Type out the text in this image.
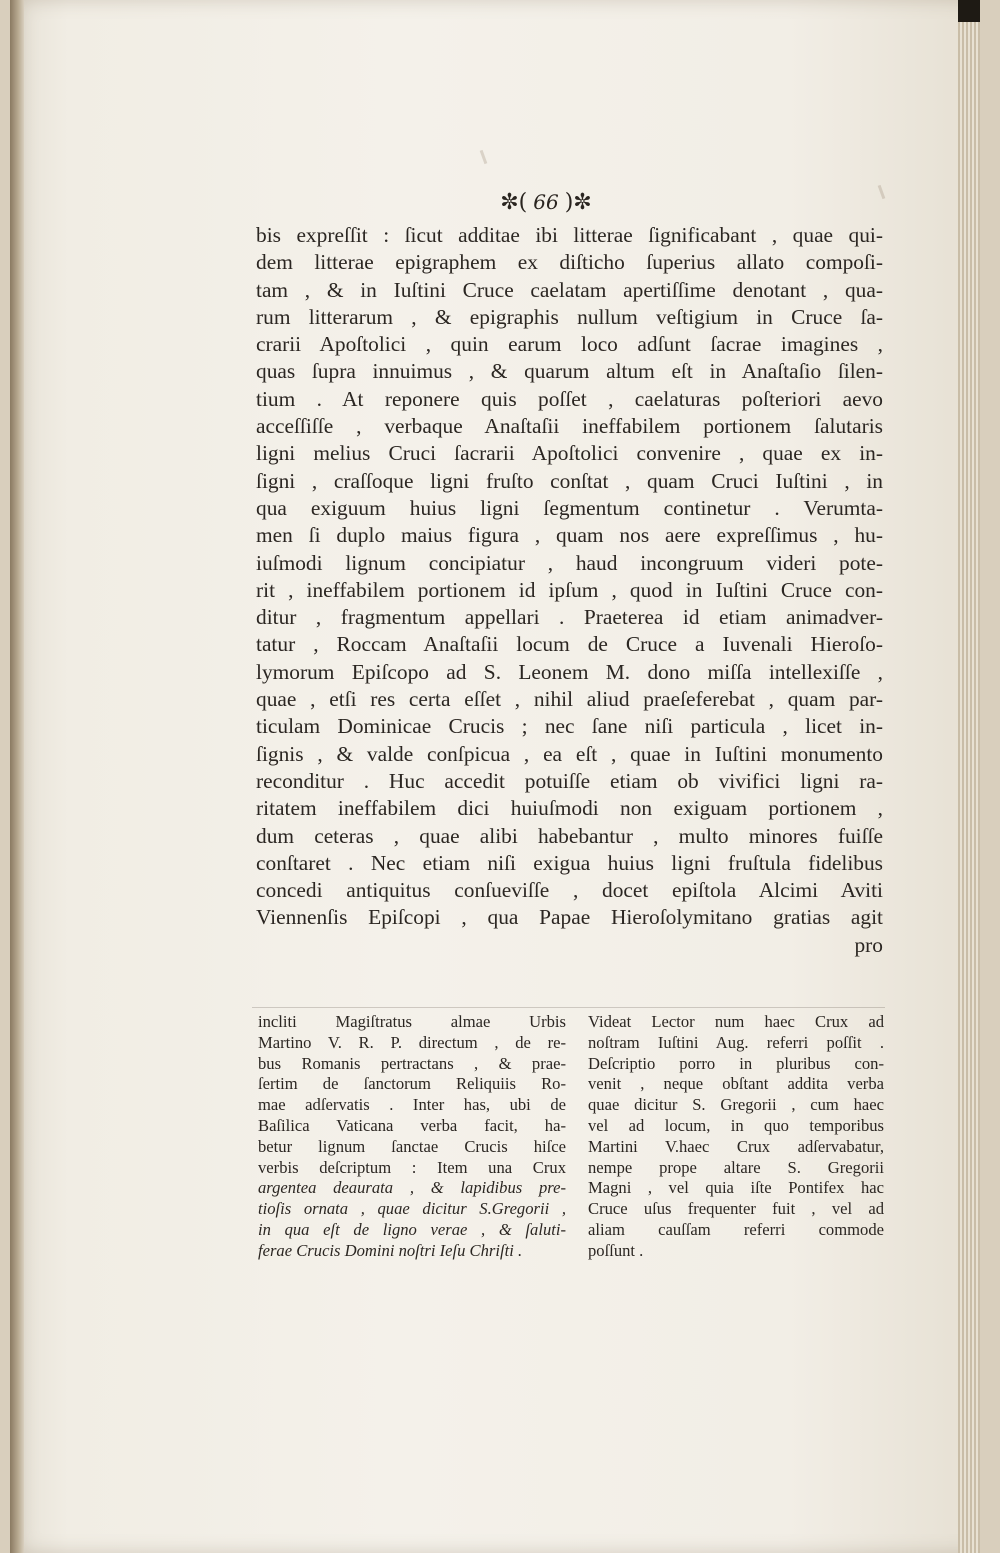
✼( 66 )✼
bis expreſſit : ſicut additae ibi litterae ſignificabant , quae qui-
dem litterae epigraphem ex diſticho ſuperius allato compoſi-
tam , & in Iuſtini Cruce caelatam apertiſſime denotant , qua-
rum litterarum , & epigraphis nullum veſtigium in Cruce ſa-
crarii Apoſtolici , quin earum loco adſunt ſacrae imagines ,
quas ſupra innuimus , & quarum altum eſt in Anaſtaſio ſilen-
tium . At reponere quis poſſet , caelaturas poſteriori aevo
acceſſiſſe , verbaque Anaſtaſii ineffabilem portionem ſalutaris
ligni melius Cruci ſacrarii Apoſtolici convenire , quae ex in-
ſigni , craſſoque ligni fruſto conſtat , quam Cruci Iuſtini , in
qua exiguum huius ligni ſegmentum continetur . Verumta-
men ſi duplo maius figura , quam nos aere expreſſimus , hu-
iuſmodi lignum concipiatur , haud incongruum videri pote-
rit , ineffabilem portionem id ipſum , quod in Iuſtini Cruce con-
ditur , fragmentum appellari . Praeterea id etiam animadver-
tatur , Roccam Anaſtaſii locum de Cruce a Iuvenali Hieroſo-
lymorum Epiſcopo ad S. Leonem M. dono miſſa intellexiſſe ,
quae , etſi res certa eſſet , nihil aliud praeſeferebat , quam par-
ticulam Dominicae Crucis ; nec ſane niſi particula , licet in-
ſignis , & valde conſpicua , ea eſt , quae in Iuſtini monumento
reconditur . Huc accedit potuiſſe etiam ob vivifici ligni ra-
ritatem ineffabilem dici huiuſmodi non exiguam portionem ,
dum ceteras , quae alibi habebantur , multo minores fuiſſe
conſtaret . Nec etiam niſi exigua huius ligni fruſtula fidelibus
concedi antiquitus conſueviſſe , docet epiſtola Alcimi Aviti
Viennenſis Epiſcopi , qua Papae Hieroſolymitano gratias agit
pro
incliti Magiſtratus almae Urbis
Martino V. R. P. directum , de re-
bus Romanis pertractans , & prae-
ſertim de ſanctorum Reliquiis Ro-
mae adſervatis . Inter has, ubi de
Baſilica Vaticana verba facit, ha-
betur lignum ſanctae Crucis hiſce
verbis deſcriptum : Item una Crux
argentea deaurata , & lapidibus pre-
tioſis ornata , quae dicitur S.Gregorii ,
in qua eſt de ligno verae , & ſaluti-
ferae Crucis Domini noſtri Ieſu Chriſti .
Videat Lector num haec Crux ad
noſtram Iuſtini Aug. referri poſſit .
Deſcriptio porro in pluribus con-
venit , neque obſtant addita verba
quae dicitur S. Gregorii , cum haec
vel ad locum, in quo temporibus
Martini V.haec Crux adſervabatur,
nempe prope altare S. Gregorii
Magni , vel quia iſte Pontifex hac
Cruce uſus frequenter fuit , vel ad
aliam cauſſam referri commode
poſſunt .
